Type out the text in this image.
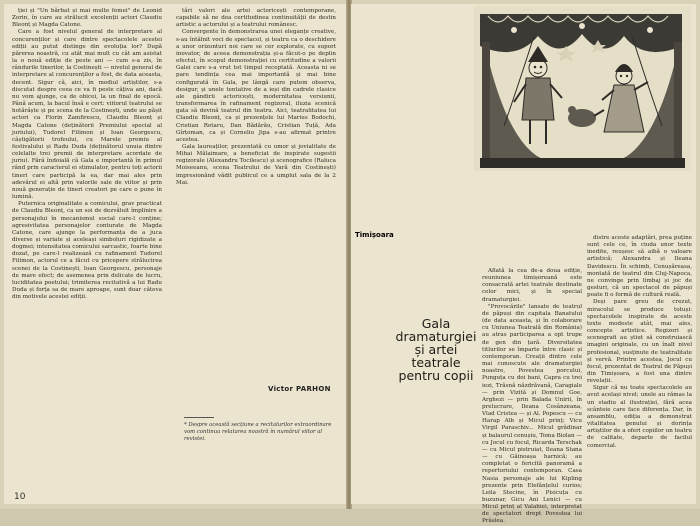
ției și "Un bărbat și mai multe femei" de Leonid Zorin, în care au strălucit excelenții actori Claudiu Bleonț și Magda Catone.

Care a fost nivelul general de interpretare al concurenților și care dintre spectacolele acestei ediții au putut distinge din evoluția lor? După părerea noastră, cu atât mai mult cu cât am asistat la o nouă ediție de peste ani — cum s-a zis, în rândurile tinerilor, la Costinești — nivelul general de interpretare al concurenților a fost, de data aceasta, decent. Sigur că, aici, în mediul artiștilor, s-a discutat despre ceea ce va fi peste câțiva ani, dacă nu vom ajunge, ca de obicei, la un final de epocă. Până acum, la bacul însă e cert: viitorul teatrului se hotărăște și pe scena de la Costinești, unde au pășit actori ca Florin Zamfirescu, Claudiu Bleonț și Magda Catone (deținătorii Premiului special al juriului), Tudorel Filimon și Ioan Georgescu, câștigătorii trofeului, cu Marele premiu al festivalului și Radu Duda (deținătorul unuia dintre celelalte trei premii de interpretare acordate de juriu). Fără îndoială că Gala e importantă în primul rând prin caracterul ei stimulator, pentru toți actorii tineri care participă la ea, dar mai ales prin adevărul ei altă prin valorile sale de viitor și prin nouă generație de tineri creatori pe care o pune în lumină.

Puternica originalitate a comicului, grav practicat de Claudiu Bleonț, ca un soi de dezvăluit împlinire a personajului în mecanismul social care-l conține; agresivitatea personajelor conturate de Magda Catone, care ajunge la performanța de a juca diverse și variate și aceleași simboluri rigidizate a dogmei; intensitatea comicului sarcastic, foarte bine dozat, pe care-l realizează cu rafinament Tudorel Filimon, actorul ce a făcut cu pricepere strălucirea scenei de la Costinești, Ioan Georgescu, personaje de mare efect; de asemenea prin delicate de lucru, luciditatea poetului; trimiterea recitativă a lui Radu Duda și forța sa de mare aproape, sunt doar câteva din motivele acestei ediții.

tări valori ale artei actoricești contemporane, capabile să ne dea certitudinea continuității de destin artistic a actorului și a teatrului românesc.

Convergente în demonstrarea unei eleganțe creative, s-au întâlnit voci de spectacol, și teatru ca o deschidere a unor orizonturi noi care se cer explorate, cu suport inovator, de aceea demonstrația și-a făcut-o pe deplin efectul, în scopul demonstrației cu certitudine a valorii Galei care s-a vrut tot timpul receptată. Aceasta ni se pare tendința cea mai importantă și mai bine configurată în Gala, pe lângă care putem observa, desigur, și unele tentative de a ieși din cadrele clasice ale gândirii actoricești, modernitatea versiunii, transformarea în rafinament regizoral, iluzia scenică gata să devină teatrul din teatru. Aici, teatralitatea lui Claudiu Bleonț, ca și prezențele lui Marius Bodochi, Cristian Rotaru, Dan Bădărău, Cristian Tuță, Ada Gîrțoman, ca și Corneliu Jipa s-au afirmat printre acestea.

Gala laureaților, prezentată cu umor și jovialitate de Mihai Mălaimare, a beneficiat de inspirate sugestii regizorale (Alexandru Tocilescu) și scenografice (Raluca Moiseeanu, scena Teatrului de Vară din Costinești) impresionând vădit publicul ce a umplut sala de la 2 Mai.

Victor PARHON
* Despre această secțiune a recitalurilor extraordinare vom continua relatarea noastră în numărul viitor al revistei.
10
Timișoara
Gala
dramaturgiei
și artei
teatrale
pentru copii

Aflată la cea de-a doua ediție, reuniunea timișoreană este consacrată artei teatrale destinate celor mici, și în special dramaturgiei.

"Provocările" lansate de teatrul de păpuși din capitala Banatului (de data aceasta, și în colaborare cu Uniunea Teatrală din România) au atras participarea a opt trupe de gen din țară. Diversitatea titlurilor se împarte între clasic și contemporan. Creații dintre cele mai cunoscute ale dramaturgiei noastre, Povestea porcului, Punguța cu doi bani, Capra cu trei iezi, Trăsnă năzdrăvană, Caragiale — prin Vizită și Domnul Goe, Arghezi — prin Balada Unirii, în prelucrare, Ileana Cosânzeana, Vlad Cristea — și Al. Popescu — cu Harap Alb și Micul prinț; Vicu Virgil Paraschiv... Micul grădinar și balaurul cenușiu, Toma Biolan — cu Jocul cu focul, Ricarda Terschak — cu Micul pistruiat, Ileana Stana — cu Găinoașa harnică; au completat o fericită panoramă a repertoriului contemporan. Casa Nasia personaje ale lui Kipling prezente prin Elefănțelul curios; Leila Stecine, în Pisicuța cu buzunar, Gicu Ani Lenici — cu Micul prinț al Valahiei, interpretat de spectatori drept Povestea lui Prâslea.

distre aceste adaptări, prea puține sunt cele ce, în ciuda unor texte inedite, reușesc să aibă o valoare artistică; Alexandra și Ileana Davidescu. În schimb, Cenușăreasa, montată de teatrul din Cluj-Napoca, ne convinge prin limbaj și joc de gesturi, că un spectacol de păpuși poate fi o formă de cultură reală.

Deși pare greu de crezut, miracolul se produce totuși: spectacolele inspirate de aceste texte modeste atât, mai ales, concepte artistice. Regizori și scenografi au știut să construiască imagini originale, cu un înalt nivel profesional, susținute de teatralitate și vervă. Printre acestea, Jocul cu focul, prezentat de Teatrul de Păpuși din Timișoara, a fost una dintre revelații.

Sigur că nu toate spectacolele au avut același nivel; unele au rămas la un stadiu al ilustrației, fără acea scânteie care face diferența. Dar, în ansamblu, ediția a demonstrat vitalitatea genului și dorința artiștilor de a oferi copiilor un teatru de calitate, departe de facilul comercial.
